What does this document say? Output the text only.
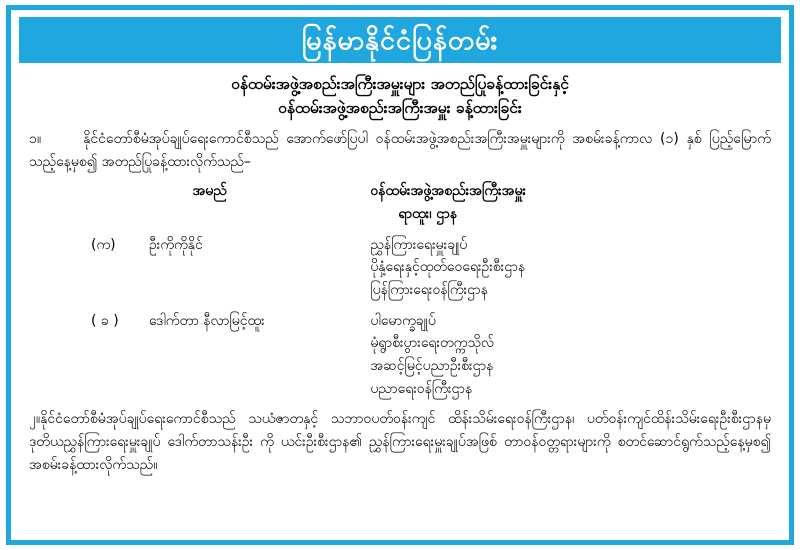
မြန်မာနိုင်ငံပြန်တမ်း
ဝန်ထမ်းအဖွဲ့အစည်းအကြီးအမှူးများ အတည်ပြုခန့်ထားခြင်းနှင့်
ဝန်ထမ်းအဖွဲ့အစည်းအကြီးအမှူး ခန့်ထားခြင်း
၁။	နိုင်ငံတော်စီမံအုပ်ချုပ်ရေးကောင်စီသည် အောက်ဖော်ပြပါ ဝန်ထမ်းအဖွဲ့အစည်းအကြီးအမှူးများကို အစမ်းခန့်ကာလ (၁) နှစ် ပြည့်မြောက်သည့်နေ့မှစ၍ အတည်ပြုခန့်ထားလိုက်သည်–
အမည်	ဝန်ထမ်းအဖွဲ့အစည်းအကြီးအမှူး
ရာထူး၊ ဌာန
(က)	ဦးကိုကိုနိုင်	ညွှန်ကြားရေးမှူးချုပ်
ပိုနှံ့ရေးနှင့်ထုတ်ဝေရေးဦးစီးဌာန
ပြန်ကြားရေးဝန်ကြီးဌာန
( ခ )	ဒေါက်တာ နီလာမြင့်ထူး	ပါမောက္ခချုပ်
မုံရွာစီးပွားရေးတက္ကသိုလ်
အဆင့်မြင့်ပညာဦးစီးဌာန
ပညာရေးဝန်ကြီးဌာန
၂။နိုင်ငံတော်စီမံအုပ်ချုပ်ရေးကောင်စီသည် သယံဇာတနှင့် သဘာဝပတ်ဝန်းကျင် ထိန်းသိမ်းရေးဝန်ကြီးဌာန၊ ပတ်ဝန်းကျင်ထိန်းသိမ်းရေးဦးစီးဌာနမှ ဒုတိယညွှန်ကြားရေးမှူးချုပ် ဒေါက်တာသန်းဦး ကို ယင်းဦးစီးဌာန၏ ညွှန်ကြားရေးမှူးချုပ်အဖြစ် တာဝန်ဝတ္တရားများကို စတင်ဆောင်ရွက်သည့်နေ့မှစ၍ အစမ်းခန့်ထားလိုက်သည်။
